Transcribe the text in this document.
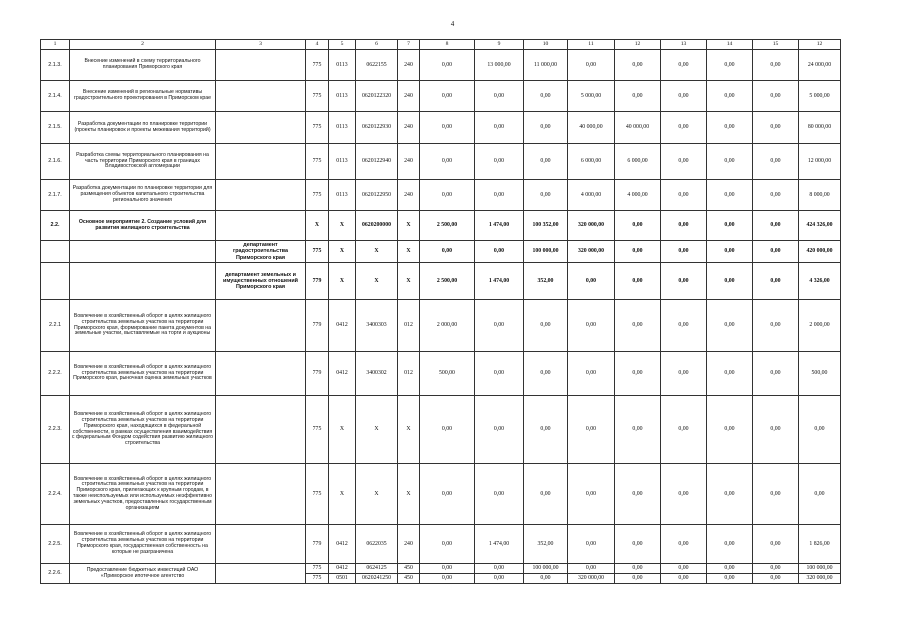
4
1	2	3	4	5	6	7	8	9	10	11	12	13	14	15	12
2.1.3.	Внесение изменений в схему территориального планирования Приморского края		775	0113	0622155	240	0,00	13 000,00	11 000,00	0,00	0,00	0,00	0,00	0,00	24 000,00
2.1.4.	Внесение изменений в региональные нормативы градостроительного проектирования в Приморском крае		775	0113	0620122320	240	0,00	0,00	0,00	5 000,00	0,00	0,00	0,00	0,00	5 000,00
2.1.5.	Разработка документации по планировке территории (проекты планировок и проекты межевания территорий)		775	0113	0620122930	240	0,00	0,00	0,00	40 000,00	40 000,00	0,00	0,00	0,00	80 000,00
2.1.6.	Разработка схемы территориального планирования на часть территории Приморского края в границах Владивостокской агломерации		775	0113	0620122940	240	0,00	0,00	0,00	6 000,00	6 000,00	0,00	0,00	0,00	12 000,00
2.1.7.	Разработка документации по планировке территории для размещения объектов капитального строительства регионального значения		775	0113	0620122950	240	0,00	0,00	0,00	4 000,00	4 000,00	0,00	0,00	0,00	8 000,00
2.2.	Основное мероприятие 2. Создание условий для развития жилищного строительства		X	X	0620200000	X	2 500,00	1 474,00	100 352,00	320 000,00	0,00	0,00	0,00	0,00	424 326,00
		департамент градостроительства Приморского края	775	X	X	X	0,00	0,00	100 000,00	320 000,00	0,00	0,00	0,00	0,00	420 000,00
		департамент земельных и имущественных отношений Приморского края	779	X	X	X	2 500,00	1 474,00	352,00	0,00	0,00	0,00	0,00	0,00	4 326,00
2.2.1	Вовлечение в хозяйственный оборот в целях жилищного строительства земельных участков на территории Приморского края, формирование пакета документов на земельные участки, выставляемые на торги и аукционы		779	0412	3400303	012	2 000,00	0,00	0,00	0,00	0,00	0,00	0,00	0,00	2 000,00
2.2.2.	Вовлечение в хозяйственный оборот в целях жилищного строительства земельных участков на территории Приморского края, рыночная оценка земельных участков		779	0412	3400302	012	500,00	0,00	0,00	0,00	0,00	0,00	0,00	0,00	500,00
2.2.3.	Вовлечение в хозяйственный оборот в целях жилищного строительства земельных участков на территории Приморского края, находящихся в федеральной собственности, в рамках осуществления взаимодействия с федеральным Фондом содействия развитию жилищного строительства		775	X	X	X	0,00	0,00	0,00	0,00	0,00	0,00	0,00	0,00	0,00
2.2.4.	Вовлечение в хозяйственный оборот в целях жилищного строительства земельных участков на территории Приморского края, прилегающих к крупным городам, в также неиспользуемых или используемых неэффективно земельных участков, предоставленных государственным организациям		775	X	X	X	0,00	0,00	0,00	0,00	0,00	0,00	0,00	0,00	0,00
2.2.5.	Вовлечение в хозяйственный оборот в целях жилищного строительства земельных участков на территории Приморского края, государственная собственность на которые не разграничена		779	0412	0622035	240	0,00	1 474,00	352,00	0,00	0,00	0,00	0,00	0,00	1 826,00
2.2.6.	Предоставление бюджетных инвестиций ОАО «Приморское ипотечное агентство		775	0412	0624125	450	0,00	0,00	100 000,00	0,00	0,00	0,00	0,00	0,00	100 000,00
			775	0501	0620241250	450	0,00	0,00	0,00	320 000,00	0,00	0,00	0,00	0,00	320 000,00
